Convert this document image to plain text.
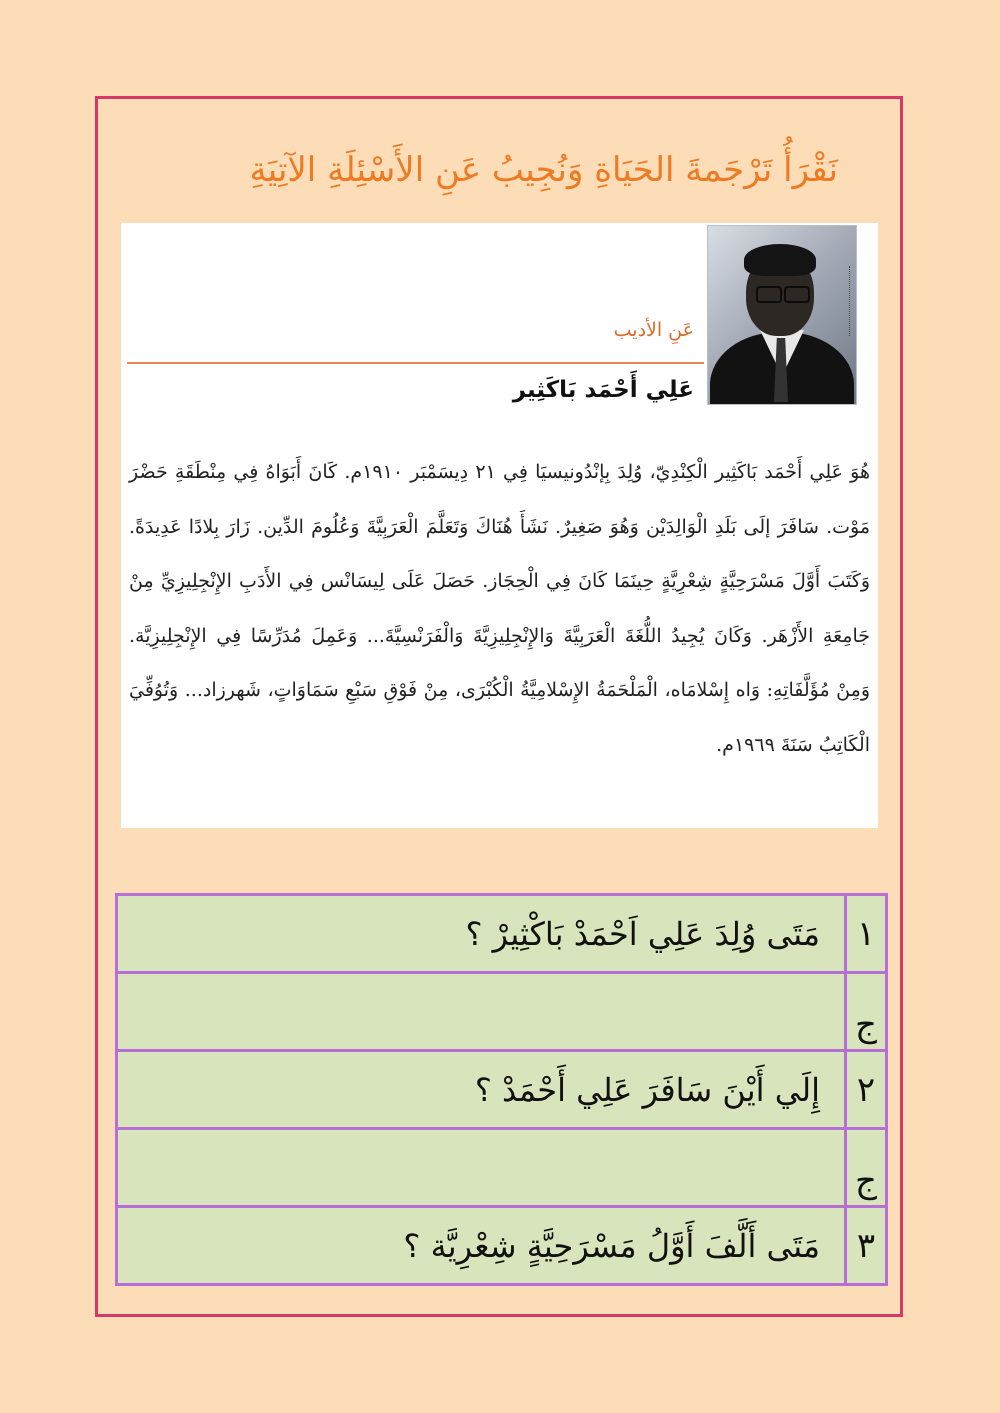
نَقْرَأُ تَرْجَمةَ الحَيَاةِ وَنُجِيبُ عَنِ الأَسْئِلَةِ الآتِيَةِ
عَنِ الأديب
عَلِي أَحْمَد بَاكَثِير

هُوَ عَلِي أَحْمَد بَاكَثِير الْكِنْدِيّ، وُلِدَ بِإنْدُونيسيَا فِي ٢١ دِيسَمْبَر ١٩١٠م. كَانَ أَبَوَاهُ فِي مِنْطَقَةِ حَضْرَ مَوْت. سَافَرَ إلَى بَلَدِ الْوَالِدَيْن وَهُوَ صَغِيرٌ. نَشَأَ هُنَاكَ وَتَعَلَّمَ الْعَرَبِيَّةَ وَعُلُومَ الدِّين. زَارَ بِلادًا عَدِيدَةً. وَكَتَبَ أَوَّلَ مَسْرَحِيَّةٍ شِعْرِيَّةٍ حِينَمَا كَانَ فِي الْحِجَاز. حَصَلَ عَلَى لِيسَانْس فِي الأَدَبِ الإِنْجِلِيزِيِّ مِنْ جَامِعَةِ الأَزْهَر. وَكَانَ يُجِيدُ اللُّغَةَ الْعَرَبِيَّةَ وَالإِنْجِلِيزِيَّةَ وَالْفَرَنْسِيَّةَ... وَعَمِلَ مُدَرِّسًا فِي الإِنْجِلِيزِيَّة. وَمِنْ مُؤَلَّفَاتِهِ: وَاه إِسْلامَاه، الْمَلْحَمَةُ الإِسْلامِيَّةُ الْكُبْرَى، مِنْ فَوْقِ سَبْعِ سَمَاوَاتٍ، شَهرزاد... وَتُوُفِّيَ الْكَاتِبُ سَنَةَ ١٩٦٩م.

مَتَى وُلِدَ عَلِي اَحْمَدْ بَاكْثِيرْ ؟	١
	ج
إِلَي أَيْنَ سَافَرَ عَلِي أَحْمَدْ ؟	٢
	ج
مَتَى أَلَّفَ أَوَّلُ مَسْرَحِيَّةٍ شِعْرِيَّة ؟	٣
